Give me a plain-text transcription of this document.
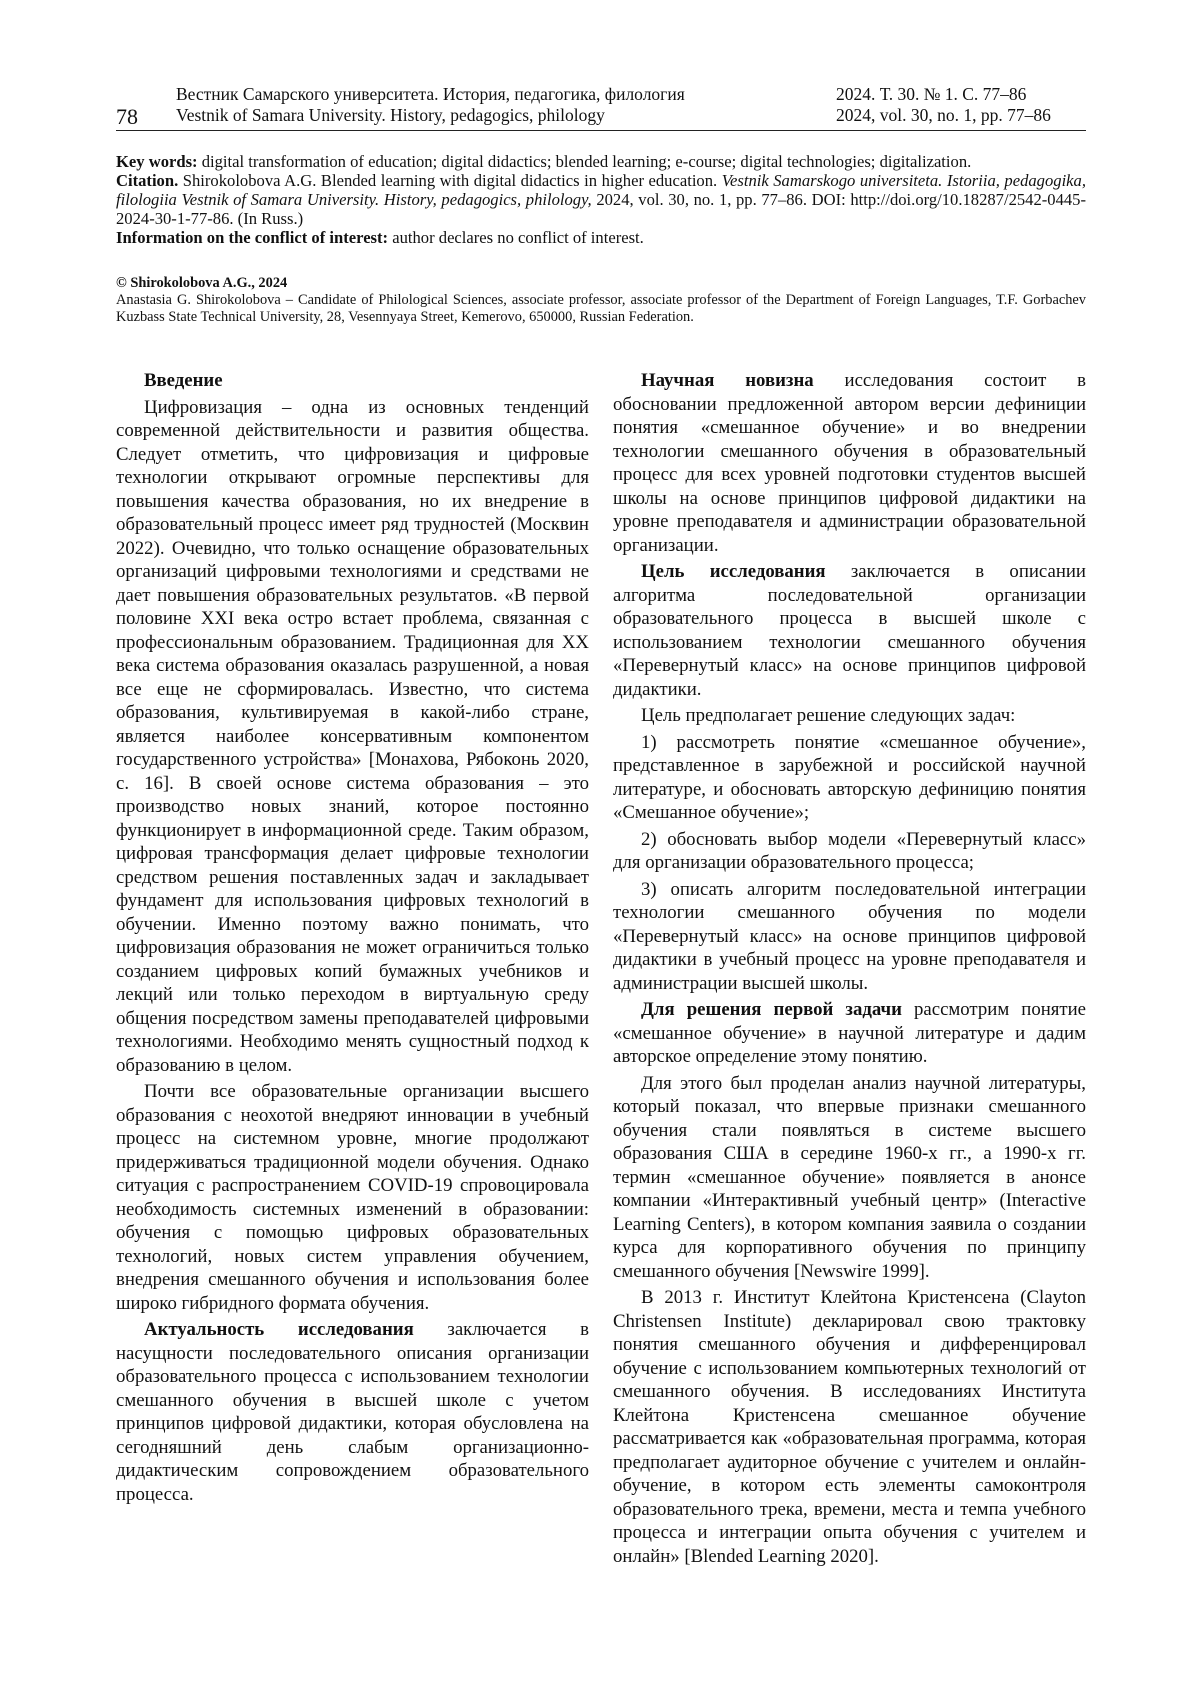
78
Вестник Самарского университета. История, педагогика, филология
Vestnik of Samara University. History, pedagogics, philology
2024. Т. 30. № 1. С. 77–86
2024, vol. 30, no. 1, pp. 77–86

Key words: digital transformation of education; digital didactics; blended learning; e-course; digital technologies; digitalization.

Citation. Shirokolobova A.G. Blended learning with digital didactics in higher education. Vestnik Samarskogo universiteta. Istoriia, pedagogika, filologiia Vestnik of Samara University. History, pedagogics, philology, 2024, vol. 30, no. 1, pp. 77–86. DOI: http://doi.org/10.18287/2542-0445-2024-30-1-77-86. (In Russ.)

Information on the conflict of interest: author declares no conflict of interest.

© Shirokolobova A.G., 2024

Anastasia G. Shirokolobova – Candidate of Philological Sciences, associate professor, associate professor of the Department of Foreign Languages, T.F. Gorbachev Kuzbass State Technical University, 28, Vesennyaya Street, Kemerovo, 650000, Russian Federation.

Введение

Цифровизация – одна из основных тенденций современной действительности и развития общества. Следует отметить, что цифровизация и цифровые технологии открывают огромные перспективы для повышения качества образования, но их внедрение в образовательный процесс имеет ряд трудностей (Москвин 2022). Очевидно, что только оснащение образовательных организаций цифровыми технологиями и средствами не дает повышения образовательных результатов. «В первой половине XXI века остро встает проблема, связанная с профессиональным образованием. Традиционная для XX века система образования оказалась разрушенной, а новая все еще не сформировалась. Известно, что система образования, культивируемая в какой-либо стране, является наиболее консервативным компонентом государственного устройства» [Монахова, Рябоконь 2020, с. 16]. В своей основе система образования – это производство новых знаний, которое постоянно функционирует в информационной среде. Таким образом, цифровая трансформация делает цифровые технологии средством решения поставленных задач и закладывает фундамент для использования цифровых технологий в обучении. Именно поэтому важно понимать, что цифровизация образования не может ограничиться только созданием цифровых копий бумажных учебников и лекций или только переходом в виртуальную среду общения посредством замены преподавателей цифровыми технологиями. Необходимо менять сущностный подход к образованию в целом.

Почти все образовательные организации высшего образования с неохотой внедряют инновации в учебный процесс на системном уровне, многие продолжают придерживаться традиционной модели обучения. Однако ситуация с распространением COVID-19 спровоцировала необходимость системных изменений в образовании: обучения с помощью цифровых образовательных технологий, новых систем управления обучением, внедрения смешанного обучения и использования более широко гибридного формата обучения.

Актуальность исследования заключается в насущности последовательного описания организации образовательного процесса с использованием технологии смешанного обучения в высшей школе с учетом принципов цифровой дидактики, которая обусловлена на сегодняшний день слабым организационно-дидактическим сопровождением образовательного процесса.

Научная новизна исследования состоит в обосновании предложенной автором версии дефиниции понятия «смешанное обучение» и во внедрении технологии смешанного обучения в образовательный процесс для всех уровней подготовки студентов высшей школы на основе принципов цифровой дидактики на уровне преподавателя и администрации образовательной организации.

Цель исследования заключается в описании алгоритма последовательной организации образовательного процесса в высшей школе с использованием технологии смешанного обучения «Перевернутый класс» на основе принципов цифровой дидактики.

Цель предполагает решение следующих задач:

1) рассмотреть понятие «смешанное обучение», представленное в зарубежной и российской научной литературе, и обосновать авторскую дефиницию понятия «Смешанное обучение»;

2) обосновать выбор модели «Перевернутый класс» для организации образовательного процесса;

3) описать алгоритм последовательной интеграции технологии смешанного обучения по модели «Перевернутый класс» на основе принципов цифровой дидактики в учебный процесс на уровне преподавателя и администрации высшей школы.

Для решения первой задачи рассмотрим понятие «смешанное обучение» в научной литературе и дадим авторское определение этому понятию.

Для этого был проделан анализ научной литературы, который показал, что впервые признаки смешанного обучения стали появляться в системе высшего образования США в середине 1960-х гг., а 1990-х гг. термин «смешанное обучение» появляется в анонсе компании «Интерактивный учебный центр» (Interactive Learning Centers), в котором компания заявила о создании курса для корпоративного обучения по принципу смешанного обучения [Newswire 1999].

В 2013 г. Институт Клейтона Кристенсена (Clayton Christensen Institute) декларировал свою трактовку понятия смешанного обучения и дифференцировал обучение с использованием компьютерных технологий от смешанного обучения. В исследованиях Института Клейтона Кристенсена смешанное обучение рассматривается как «образовательная программа, которая предполагает аудиторное обучение с учителем и онлайн-обучение, в котором есть элементы самоконтроля образовательного трека, времени, места и темпа учебного процесса и интеграции опыта обучения с учителем и онлайн» [Blended Learning 2020].
